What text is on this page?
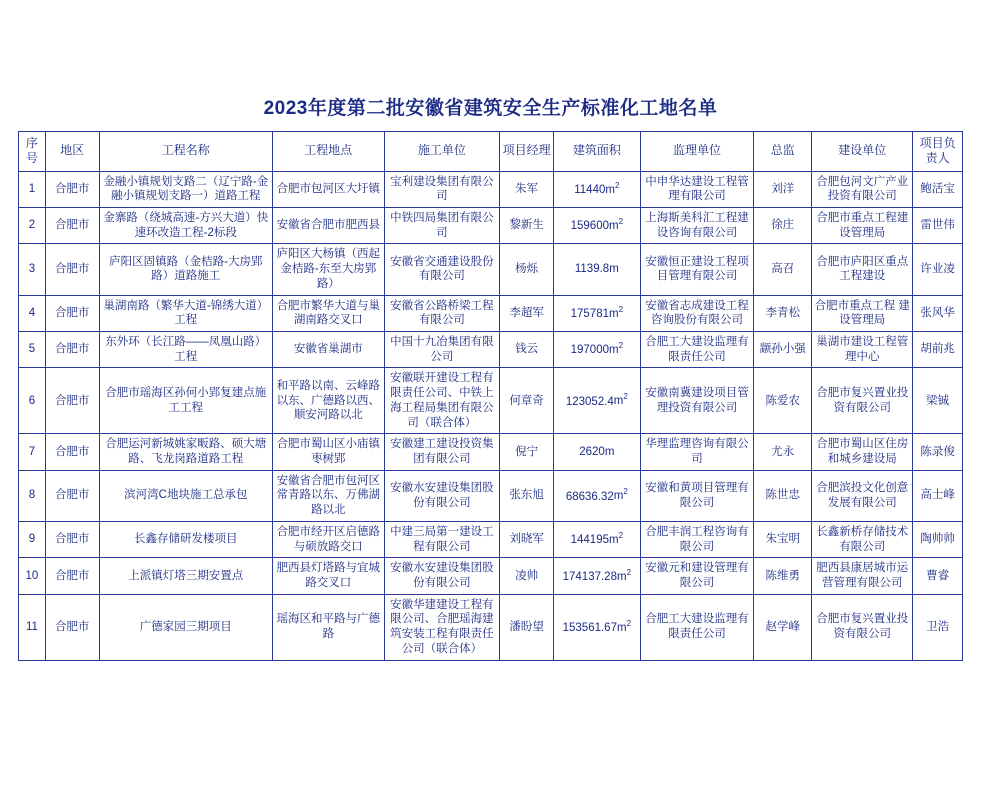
2023年度第二批安徽省建筑安全生产标准化工地名单
序号	地区	工程名称	工程地点	施工单位	项目经理	建筑面积	监理单位	总监	建设单位	项目负责人
1	合肥市	金融小镇规划支路二（辽宁路-金融小镇规划支路一）道路工程	合肥市包河区大圩镇	宝利建设集团有限公司	朱军	$11440m^2$	中申华达建设工程管理有限公司	刘洋	合肥包河文广产业投资有限公司	鲍活宝
2	合肥市	金寨路（绕城高速-方兴大道）快速环改造工程-2标段	安徽省合肥市肥西县	中铁四局集团有限公司	黎新生	$159600m^2$	上海斯美科汇工程建设咨询有限公司	徐庄	合肥市重点工程建设管理局	雷世伟
3	合肥市	庐阳区固镇路（金桔路-大房郢路）道路施工	庐阳区大杨镇（西起金桔路-东至大房郢路）	安徽省交通建设股份有限公司	杨烁	1139.8m	安徽恒正建设工程项目管理有限公司	高召	合肥市庐阳区重点工程建设	许业凌
4	合肥市	巢湖南路（繁华大道-锦绣大道）工程	合肥市繁华大道与巢湖南路交叉口	安徽省公路桥梁工程有限公司	李超军	$175781m^2$	安徽省志成建设工程咨询股份有限公司	李青松	合肥市重点工程 建设管理局	张风华
5	合肥市	东外环（长江路——凤凰山路）工程	安徽省巢湖市	中国十九冶集团有限公司	钱云	$197000m^2$	合肥工大建设监理有限责任公司	颛孙小强	巢湖市建设工程管理中心	胡前兆
6	合肥市	合肥市瑶海区孙何小郢复建点施工工程	和平路以南、云峰路以东、广德路以西、顺安河路以北	安徽联开建设工程有限责任公司、中铁上海工程局集团有限公司（联合体）	何章奇	$123052.4m^2$	安徽南冀建设项目管理投资有限公司	陈爱农	合肥市复兴置业投资有限公司	梁铖
7	合肥市	合肥运河新城姚家畈路、硕大塘路、飞龙岗路道路工程	合肥市蜀山区小庙镇枣树郢	安徽建工建设投资集团有限公司	倪宁	2620m	华理监理咨询有限公司	尤永	合肥市蜀山区住房和城乡建设局	陈录俊
8	合肥市	滨河湾C地块施工总承包	安徽省合肥市包河区常青路以东、万佛湖路以北	安徽水安建设集团股份有限公司	张东旭	$68636.32m^2$	安徽和黄项目管理有限公司	陈世忠	合肥滨投文化创意发展有限公司	高士峰
9	合肥市	长鑫存储研发楼项目	合肥市经开区启德路与硕放路交口	中建三局第一建设工程有限公司	刘晓军	$144195m^2$	合肥丰润工程咨询有限公司	朱宝明	长鑫新桥存储技术有限公司	陶帅帅
10	合肥市	上派镇灯塔三期安置点	肥西县灯塔路与宜城路交叉口	安徽水安建设集团股份有限公司	凌帅	$174137.28m^2$	安徽元和建设管理有限公司	陈维勇	肥西县康居城市运营管理有限公司	曹睿
11	合肥市	广德家园三期项目	瑶海区和平路与广德路	安徽华建建设工程有限公司、合肥瑶海建筑安装工程有限责任公司（联合体）	潘盼望	$153561.67m^2$	合肥工大建设监理有限责任公司	赵学峰	合肥市复兴置业投资有限公司	卫浩
